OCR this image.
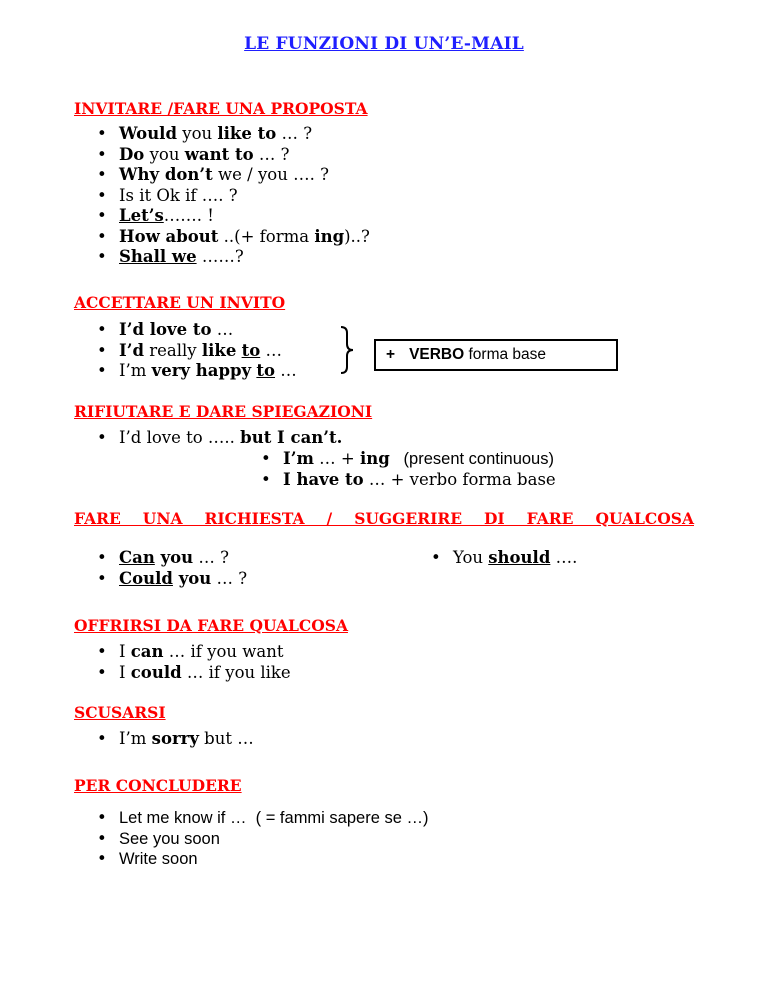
LE FUNZIONI DI UN’E-MAIL
INVITARE /FARE UNA PROPOSTA
• Would you like to … ?
• Do you want to … ?
• Why don’t we / you …. ?
• Is it Ok if …. ?
• Let’s……. !
• How about ..(+ forma ing)..?
• Shall we ……?
ACCETTARE UN INVITO
• I’d love to …
• I’d really like to …
• I’m very happy to …
+ VERBO forma base
RIFIUTARE E DARE SPIEGAZIONI
• I’d love to ….. but I can’t.
• I’m … + ing   (present continuous)
• I have to … + verbo forma base
FARE UNA RICHIESTA / SUGGERIRE DI FARE QUALCOSA
• Can you … ?
• Could you … ?
• You should ….
OFFRIRSI DA FARE QUALCOSA
• I can … if you want
• I could … if you like
SCUSARSI
• I’m sorry but …
PER CONCLUDERE
• Let me know if …  ( = fammi sapere se …)
• See you soon
• Write soon
